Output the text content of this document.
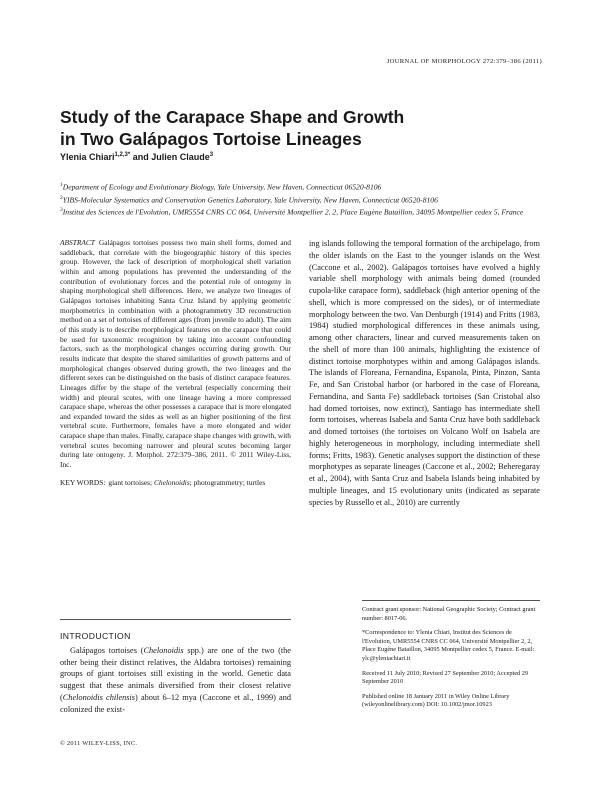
JOURNAL OF MORPHOLOGY 272:379–386 (2011)
Study of the Carapace Shape and Growth
in Two Galápagos Tortoise Lineages
Ylenia Chiari$^{1,2,3*}$ and Julien Claude$^3$
$^1$Department of Ecology and Evolutionary Biology, Yale University, New Haven, Connecticut 06520-8106
$^2$YIBS-Molecular Systematics and Conservation Genetics Laboratory, Yale University, New Haven, Connecticut 06520-8106
$^3$Institut des Sciences de l'Evolution, UMR5554 CNRS CC 064, Université Montpellier 2, 2, Place Eugène Bataillon, 34095 Montpellier cedex 5, France

ABSTRACT Galápagos tortoises possess two main shell forms, domed and saddleback, that correlate with the biogeographic history of this species group. However, the lack of description of morphological shell variation within and among populations has prevented the understanding of the contribution of evolutionary forces and the potential role of ontogeny in shaping morphological shell differences. Here, we analyze two lineages of Galápagos tortoises inhabiting Santa Cruz Island by applying geometric morphometrics in combination with a photogrammetry 3D reconstruction method on a set of tortoises of different ages (from juvenile to adult). The aim of this study is to describe morphological features on the carapace that could be used for taxonomic recognition by taking into account confounding factors, such as the morphological changes occurring during growth. Our results indicate that despite the shared similarities of growth patterns and of morphological changes observed during growth, the two lineages and the different sexes can be distinguished on the basis of distinct carapace features. Lineages differ by the shape of the vertebral (especially concerning their width) and pleural scutes, with one lineage having a more compressed carapace shape, whereas the other possesses a carapace that is more elongated and expanded toward the sides as well as an higher positioning of the first vertebral scute. Furthermore, females have a more elongated and wider carapace shape than males. Finally, carapace shape changes with growth, with vertebral scutes becoming narrower and pleural scutes becoming larger during late ontogeny. J. Morphol. 272:379–386, 2011. © 2011 Wiley-Liss, Inc.

KEY WORDS: giant tortoises; Chelonoidis; photogrammetry; turtles
INTRODUCTION

Galápagos tortoises (Chelonoidis spp.) are one of the two (the other being their distinct relatives, the Aldabra tortoises) remaining groups of giant tortoises still existing in the world. Genetic data suggest that these animals diversified from their closest relative (Chelonoidis chilensis) about 6–12 mya (Caccone et al., 1999) and colonized the exist-

ing islands following the temporal formation of the archipelago, from the older islands on the East to the younger islands on the West (Caccone et al., 2002). Galápagos tortoises have evolved a highly variable shell morphology with animals being domed (rounded cupola-like carapace form), saddleback (high anterior opening of the shell, which is more compressed on the sides), or of intermediate morphology between the two. Van Denburgh (1914) and Fritts (1983, 1984) studied morphological differences in these animals using, among other characters, linear and curved measurements taken on the shell of more than 100 animals, highlighting the existence of distinct tortoise morphotypes within and among Galápagos islands. The islands of Floreana, Fernandina, Espanola, Pinta, Pinzon, Santa Fe, and San Cristobal harbor (or harbored in the case of Floreana, Fernandina, and Santa Fe) saddleback tortoises (San Cristobal also had domed tortoises, now extinct), Santiago has intermediate shell form tortoises, whereas Isabela and Santa Cruz have both saddleback and domed tortoises (the tortoises on Volcano Wolf on Isabela are highly heterogeneous in morphology, including intermediate shell forms; Fritts, 1983). Genetic analyses support the distinction of these morphotypes as separate lineages (Caccone et al., 2002; Beheregaray et al., 2004), with Santa Cruz and Isabela Islands being inhabited by multiple lineages, and 15 evolutionary units (indicated as separate species by Russello et al., 2010) are currently

Contract grant sponsor: National Geographic Society; Contract grant number: 8017-06.

*Correspondence to: Ylenia Chiari, Institut des Sciences de l'Evolution, UMR5554 CNRS CC 064, Université Montpellier 2, 2, Place Eugène Bataillon, 34095 Montpellier cedex 5, France. E-mail: ylc@yleniachiari.it

Received 11 July 2010; Revised 27 September 2010; Accepted 29 September 2010

Published online 18 January 2011 in Wiley Online Library (wileyonlinelibrary.com) DOI: 10.1002/jmor.10923

© 2011 WILEY-LISS, INC.
